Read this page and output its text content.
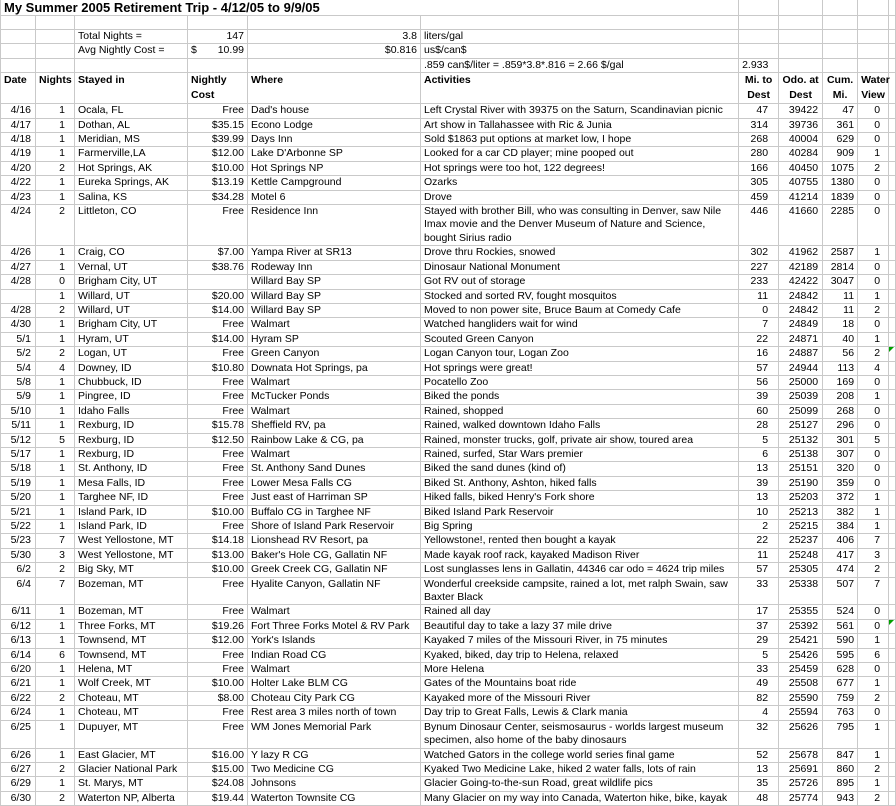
My Summer 2005 Retirement Trip - 4/12/05 to 9/9/05										

		Total Nights =	147	3.8	liters/gal					
		Avg Nightly Cost =	$ 10.99	$0.816	us$/can$					
					.859 can$/liter = .859*3.8*.816 = 2.66 $/gal	2.933				
Date	Nights	Stayed in	Nightly Cost	Where	Activities	Mi. to Dest	Odo. at Dest	Cum. Mi.	Water View	
4/16	1	Ocala, FL	Free	Dad's house	Left Crystal River with 39375 on the Saturn, Scandinavian picnic	47	39422	47	0	
4/17	1	Dothan, AL	$35.15	Econo Lodge	Art show in Tallahassee with Ric & Junia	314	39736	361	0	
4/18	1	Meridian, MS	$39.99	Days Inn	Sold $1863 put options at market low, I hope	268	40004	629	0	
4/19	1	Farmerville,LA	$12.00	Lake D'Arbonne SP	Looked for a car CD player; mine pooped out	280	40284	909	1	
4/20	2	Hot Springs, AK	$10.00	Hot Springs NP	Hot springs were too hot, 122 degrees!	166	40450	1075	2	
4/22	1	Eureka Springs, AK	$13.19	Kettle Campground	Ozarks	305	40755	1380	0	
4/23	1	Salina, KS	$34.28	Motel 6	Drove	459	41214	1839	0	
4/24	2	Littleton, CO	Free	Residence Inn	Stayed with brother Bill, who was consulting in Denver, saw Nile Imax movie and the Denver Museum of Nature and Science, bought Sirius radio	446	41660	2285	0	
4/26	1	Craig, CO	$7.00	Yampa River at SR13	Drove thru Rockies, snowed	302	41962	2587	1	
4/27	1	Vernal, UT	$38.76	Rodeway Inn	Dinosaur National Monument	227	42189	2814	0	
4/28	0	Brigham City, UT		Willard Bay SP	Got RV out of storage	233	42422	3047	0	
	1	Willard, UT	$20.00	Willard Bay SP	Stocked and sorted RV, fought mosquitos	11	24842	11	1	
4/28	2	Willard, UT	$14.00	Willard Bay SP	Moved to non power site, Bruce Baum at Comedy Cafe	0	24842	11	2	
4/30	1	Brigham City, UT	Free	Walmart	Watched hangliders wait for wind	7	24849	18	0	
5/1	1	Hyram, UT	$14.00	Hyram SP	Scouted Green Canyon	22	24871	40	1	
5/2	2	Logan, UT	Free	Green Canyon	Logan Canyon tour, Logan Zoo	16	24887	56	2	

5/4	4	Downey, ID	$10.80	Downata Hot Springs, pa	Hot springs were great!	57	24944	113	4	
5/8	1	Chubbuck, ID	Free	Walmart	Pocatello Zoo	56	25000	169	0	
5/9	1	Pingree, ID	Free	McTucker Ponds	Biked the ponds	39	25039	208	1	
5/10	1	Idaho Falls	Free	Walmart	Rained, shopped	60	25099	268	0	
5/11	1	Rexburg, ID	$15.78	Sheffield RV, pa	Rained, walked downtown Idaho Falls	28	25127	296	0	
5/12	5	Rexburg, ID	$12.50	Rainbow Lake & CG, pa	Rained, monster trucks, golf, private air show, toured area	5	25132	301	5	
5/17	1	Rexburg, ID	Free	Walmart	Rained, surfed, Star Wars premier	6	25138	307	0	
5/18	1	St. Anthony, ID	Free	St. Anthony Sand Dunes	Biked the sand dunes (kind of)	13	25151	320	0	
5/19	1	Mesa Falls, ID	Free	Lower Mesa Falls CG	Biked St. Anthony, Ashton, hiked falls	39	25190	359	0	
5/20	1	Targhee NF, ID	Free	Just east of Harriman SP	Hiked falls, biked Henry's Fork shore	13	25203	372	1	
5/21	1	Island Park, ID	$10.00	Buffalo CG in Targhee NF	Biked Island Park Reservoir	10	25213	382	1	
5/22	1	Island Park, ID	Free	Shore of Island Park Reservoir	Big Spring	2	25215	384	1	
5/23	7	West Yellostone, MT	$14.18	Lionshead RV Resort, pa	Yellowstone!, rented then bought a kayak	22	25237	406	7	
5/30	3	West Yellostone, MT	$13.00	Baker's Hole CG, Gallatin NF	Made kayak roof rack, kayaked Madison River	11	25248	417	3	
6/2	2	Big Sky, MT	$10.00	Greek Creek CG, Gallatin NF	Lost sunglasses lens in Gallatin, 44346 car odo = 4624 trip miles	57	25305	474	2	
6/4	7	Bozeman, MT	Free	Hyalite Canyon, Gallatin NF	Wonderful creekside campsite, rained a lot, met ralph Swain, saw Baxter Black	33	25338	507	7	
6/11	1	Bozeman, MT	Free	Walmart	Rained all day	17	25355	524	0	
6/12	1	Three Forks, MT	$19.26	Fort Three Forks Motel & RV Park	Beautiful day to take a lazy 37 mile drive	37	25392	561	0	

6/13	1	Townsend, MT	$12.00	York's Islands	Kayaked 7 miles of the Missouri River, in 75 minutes	29	25421	590	1	
6/14	6	Townsend, MT	Free	Indian Road CG	Kyaked, biked, day trip to Helena, relaxed	5	25426	595	6	
6/20	1	Helena, MT	Free	Walmart	More Helena	33	25459	628	0	
6/21	1	Wolf Creek, MT	$10.00	Holter Lake BLM CG	Gates of the Mountains boat ride	49	25508	677	1	
6/22	2	Choteau, MT	$8.00	Choteau City Park CG	Kayaked more of the Missouri River	82	25590	759	2	
6/24	1	Choteau, MT	Free	Rest area 3 miles north of town	Day trip to Great Falls, Lewis & Clark mania	4	25594	763	0	
6/25	1	Dupuyer, MT	Free	WM Jones Memorial Park	Bynum Dinosaur Center, seismosaurus - worlds largest museum specimen, also home of the baby dinosaurs	32	25626	795	1	
6/26	1	East Glacier, MT	$16.00	Y lazy R CG	Watched Gators in the college world series final game	52	25678	847	1	
6/27	2	Glacier National Park	$15.00	Two Medicine CG	Kyaked Two Medicine Lake, hiked 2 water falls, lots of rain	13	25691	860	2	
6/29	1	St. Marys, MT	$24.08	Johnsons	Glacier Going-to-the-sun Road, great wildlife pics	35	25726	895	1	
6/30	2	Waterton NP, Alberta	$19.44	Waterton Townsite CG	Many Glacier on my way into Canada, Waterton hike, bike, kayak	48	25774	943	2	
